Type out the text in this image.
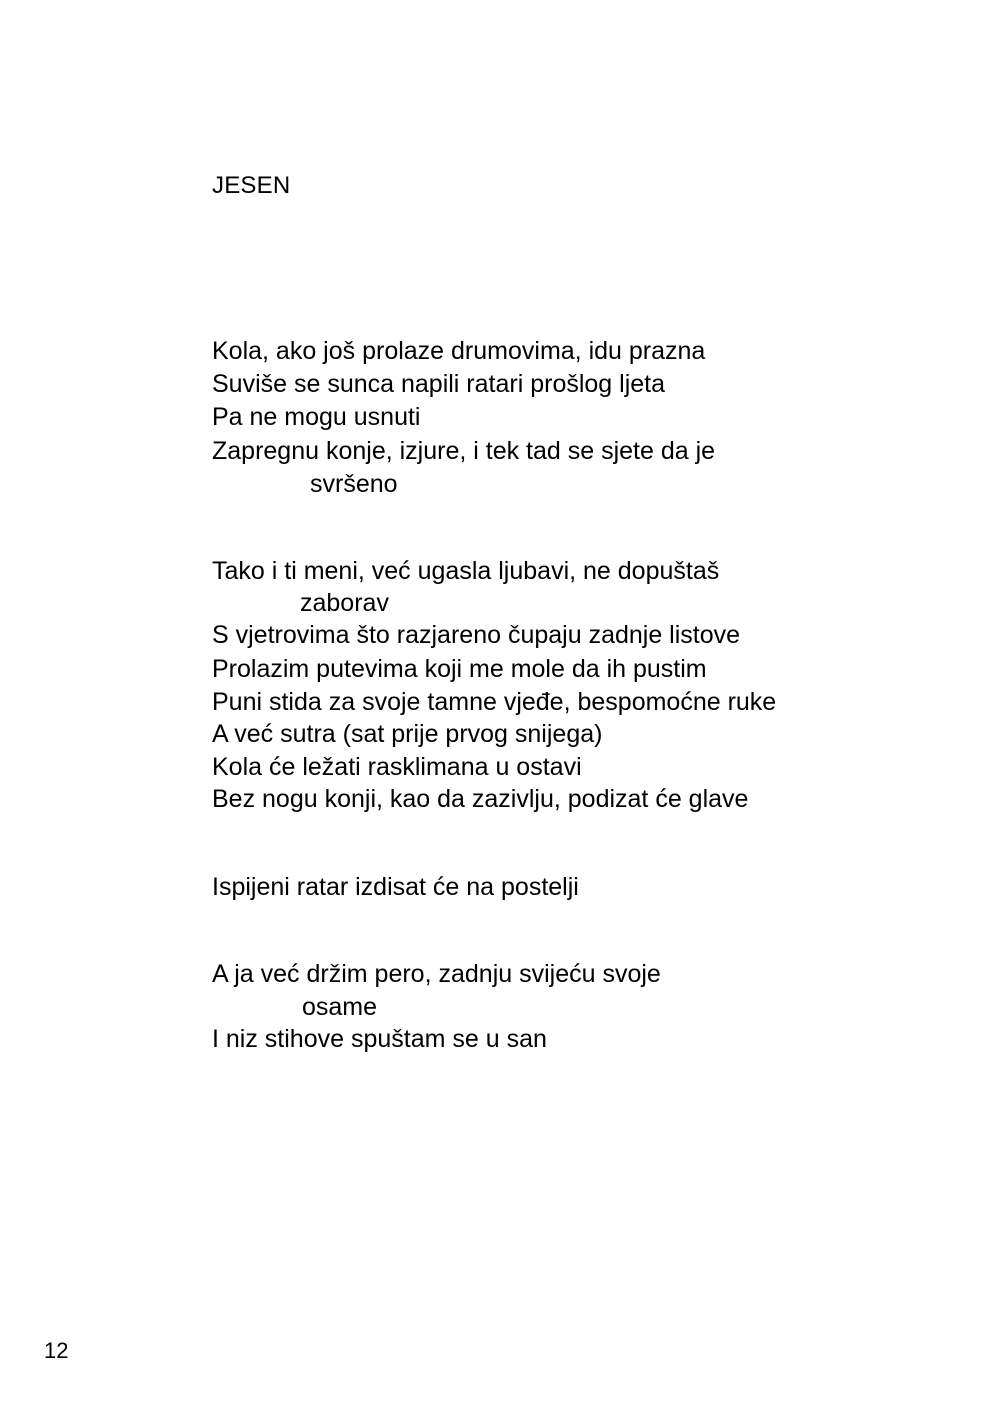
JESEN
Kola, ako još prolaze drumovima, idu prazna
Suviše se sunca napili ratari prošlog ljeta
Pa ne mogu usnuti
Zapregnu konje, izjure, i tek tad se sjete da je
svršeno
Tako i ti meni, već ugasla ljubavi, ne dopuštaš
zaborav
S vjetrovima što razjareno čupaju zadnje listove
Prolazim putevima koji me mole da ih pustim
Puni stida za svoje tamne vjeđe, bespomoćne ruke
A već sutra (sat prije prvog snijega)
Kola će ležati rasklimana u ostavi
Bez nogu konji, kao da zazivlju, podizat će glave
Ispijeni ratar izdisat će na postelji
A ja već držim pero, zadnju svijeću svoje
osame
I niz stihove spuštam se u san
12
